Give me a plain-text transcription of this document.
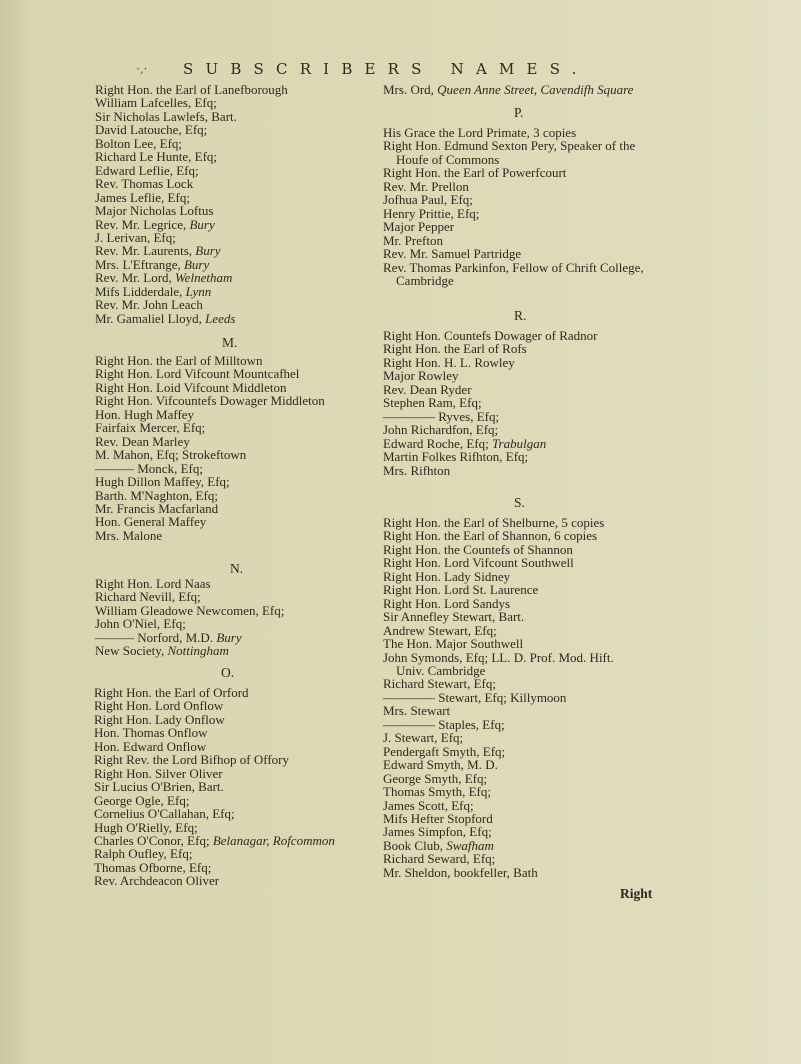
·,· SUBSCRIBERS NAMES.
Right Hon. the Earl of Lanefborough
William Lafcelles, Efq;
Sir Nicholas Lawlefs, Bart.
David Latouche, Efq;
Bolton Lee, Efq;
Richard Le Hunte, Efq;
Edward Leflie, Efq;
Rev. Thomas Lock
James Leflie, Efq;
Major Nicholas Loftus
Rev. Mr. Legrice, Bury
J. Lerivan, Efq;
Rev. Mr. Laurents, Bury
Mrs. L'Eftrange, Bury
Rev. Mr. Lord, Welnetham
Mifs Lidderdale, Lynn
Rev. Mr. John Leach
Mr. Gamaliel Lloyd, Leeds
M.
Right Hon. the Earl of Milltown
Right Hon. Lord Vifcount Mountcafhel
Right Hon. Loid Vifcount Middleton
Right Hon. Vifcountefs Dowager Middleton
Hon. Hugh Maffey
Fairfaix Mercer, Efq;
Rev. Dean Marley
M. Mahon, Efq; Strokeftown
——— Monck, Efq;
Hugh Dillon Maffey, Efq;
Barth. M'Naghton, Efq;
Mr. Francis Macfarland
Hon. General Maffey
Mrs. Malone
N.
Right Hon. Lord Naas
Richard Nevill, Efq;
William Gleadowe Newcomen, Efq;
John O'Niel, Efq;
——— Norford, M.D. Bury
New Society, Nottingham
O.
Right Hon. the Earl of Orford
Right Hon. Lord Onflow
Right Hon. Lady Onflow
Hon. Thomas Onflow
Hon. Edward Onflow
Right Rev. the Lord Bifhop of Offory
Right Hon. Silver Oliver
Sir Lucius O'Brien, Bart.
George Ogle, Efq;
Cornelius O'Callahan, Efq;
Hugh O'Rielly, Efq;
Charles O'Conor, Efq; Belanagar, Rofcommon
Ralph Oufley, Efq;
Thomas Ofborne, Efq;
Rev. Archdeacon Oliver
Mrs. Ord, Queen Anne Street, Cavendifh Square
P.
His Grace the Lord Primate, 3 copies
Right Hon. Edmund Sexton Pery, Speaker of the
Houfe of Commons
Right Hon. the Earl of Powerfcourt
Rev. Mr. Prellon
Jofhua Paul, Efq;
Henry Prittie, Efq;
Major Pepper
Mr. Prefton
Rev. Mr. Samuel Partridge
Rev. Thomas Parkinfon, Fellow of Chrift College,
Cambridge
R.
Right Hon. Countefs Dowager of Radnor
Right Hon. the Earl of Rofs
Right Hon. H. L. Rowley
Major Rowley
Rev. Dean Ryder
Stephen Ram, Efq;
———— Ryves, Efq;
John Richardfon, Efq;
Edward Roche, Efq; Trabulgan
Martin Folkes Rifhton, Efq;
Mrs. Rifhton
S.
Right Hon. the Earl of Shelburne, 5 copies
Right Hon. the Earl of Shannon, 6 copies
Right Hon. the Countefs of Shannon
Right Hon. Lord Vifcount Southwell
Right Hon. Lady Sidney
Right Hon. Lord St. Laurence
Right Hon. Lord Sandys
Sir Annefley Stewart, Bart.
Andrew Stewart, Efq;
The Hon. Major Southwell
John Symonds, Efq; LL. D. Prof. Mod. Hift.
Univ. Cambridge
Richard Stewart, Efq;
———— Stewart, Efq; Killymoon
Mrs. Stewart
———— Staples, Efq;
J. Stewart, Efq;
Pendergaft Smyth, Efq;
Edward Smyth, M. D.
George Smyth, Efq;
Thomas Smyth, Efq;
James Scott, Efq;
Mifs Hefter Stopford
James Simpfon, Efq;
Book Club, Swafham
Richard Seward, Efq;
Mr. Sheldon, bookfeller, Bath
Right
